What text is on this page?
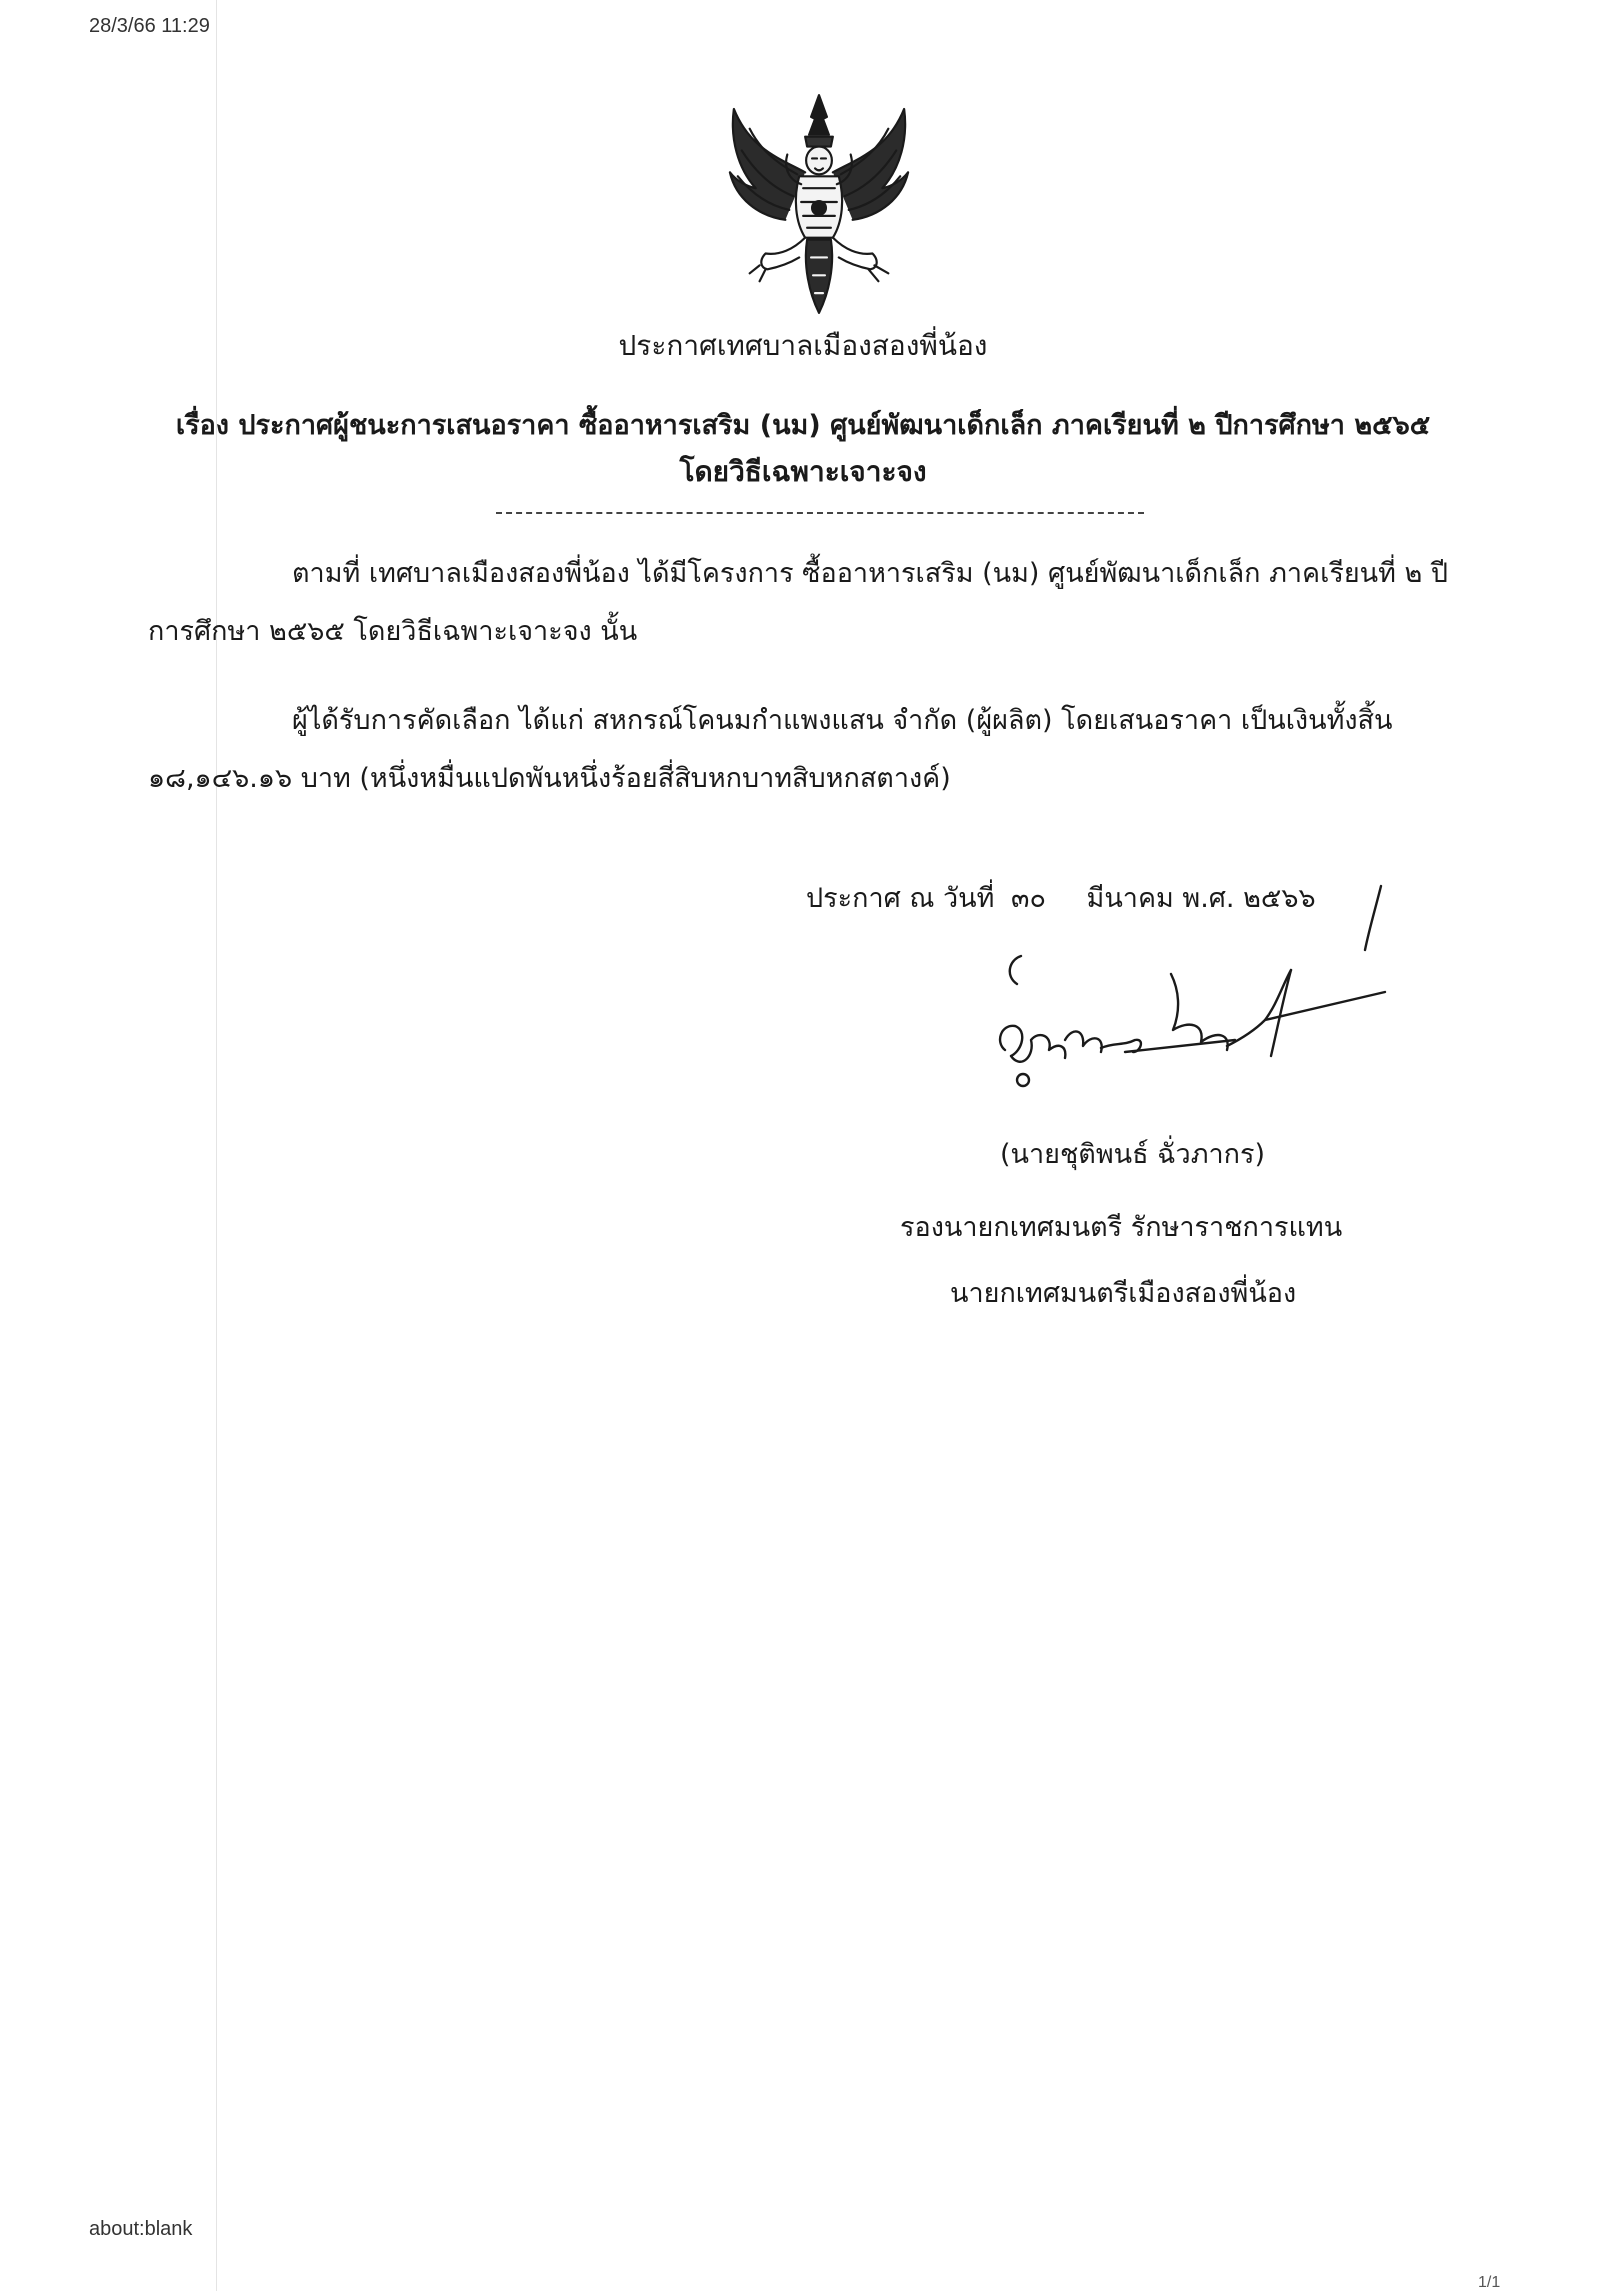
28/3/66 11:29
ประกาศเทศบาลเมืองสองพี่น้อง
เรื่อง ประกาศผู้ชนะการเสนอราคา ซื้ออาหารเสริม (นม) ศูนย์พัฒนาเด็กเล็ก ภาคเรียนที่ ๒ ปีการศึกษา ๒๕๖๕
โดยวิธีเฉพาะเจาะจง
ตามที่ เทศบาลเมืองสองพี่น้อง ได้มีโครงการ ซื้ออาหารเสริม (นม) ศูนย์พัฒนาเด็กเล็ก ภาคเรียนที่ ๒ ปี
การศึกษา ๒๕๖๕ โดยวิธีเฉพาะเจาะจง นั้น
ผู้ได้รับการคัดเลือก ได้แก่ สหกรณ์โคนมกำแพงแสน จำกัด (ผู้ผลิต) โดยเสนอราคา เป็นเงินทั้งสิ้น
๑๘,๑๔๖.๑๖ บาท (หนึ่งหมื่นแปดพันหนึ่งร้อยสี่สิบหกบาทสิบหกสตางค์)
ประกาศ ณ วันที่ ๓๐ มีนาคม พ.ศ. ๒๕๖๖
(นายชุติพนธ์ ฉั่วภากร)
รองนายกเทศมนตรี รักษาราชการแทน
นายกเทศมนตรีเมืองสองพี่น้อง
about:blank
1/1
